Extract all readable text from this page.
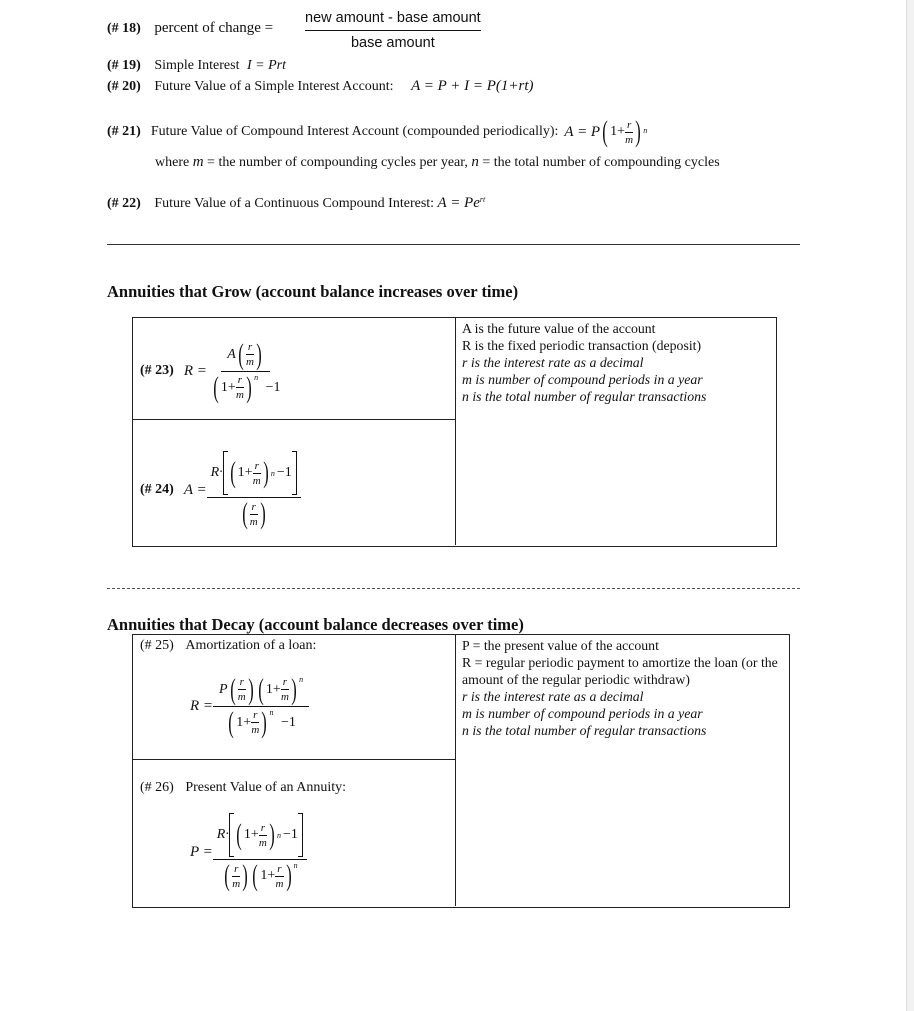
(# 18) percent of change = $\frac{\text{new amount - base amount}}{\text{base amount}}$
(# 19) Simple Interest I = Prt
(# 20) Future Value of a Simple Interest Account: A = P + I = P(1+rt)
(# 21) Future Value of Compound Interest Account (compounded periodically): A = P ( $1+ \frac{r}{m}$ ) n
where m = the number of compounding cycles per year, n = the total number of compounding cycles
(# 22) Future Value of a Continuous Compound Interest: $A = Pe^{rt}$
Annuities that Grow (account balance increases over time)
A is the future value of the account
R is the fixed periodic transaction (deposit)
r is the interest rate as a decimal
m is number of compound periods in a year
n is the total number of regular transactions
(# 23) $R = \frac{A( \frac{r}{m} )}{( 1+ \frac{r}{m} ) ^n -1}$
(# 24) $A = \frac{R\cdot ( 1+ \frac{r}{m} ) n -1}{( \frac{r}{m} )}$
Annuities that Decay (account balance decreases over time)
P = the present value of the account
R = regular periodic payment to amortize the loan (or the amount of the regular periodic withdraw)
r is the interest rate as a decimal
m is number of compound periods in a year
n is the total number of regular transactions
(# 25) Amortization of a loan:
$R = \frac{P( \frac{r}{m} ) ( 1+ \frac{r}{m} ) ^n}{( 1+ \frac{r}{m} ) ^n -1}$
(# 26) Present Value of an Annuity:
$P = \frac{R\cdot ( 1+ \frac{r}{m} ) n -1}{( \frac{r}{m} ) ( 1+ \frac{r}{m} ) ^n}$
